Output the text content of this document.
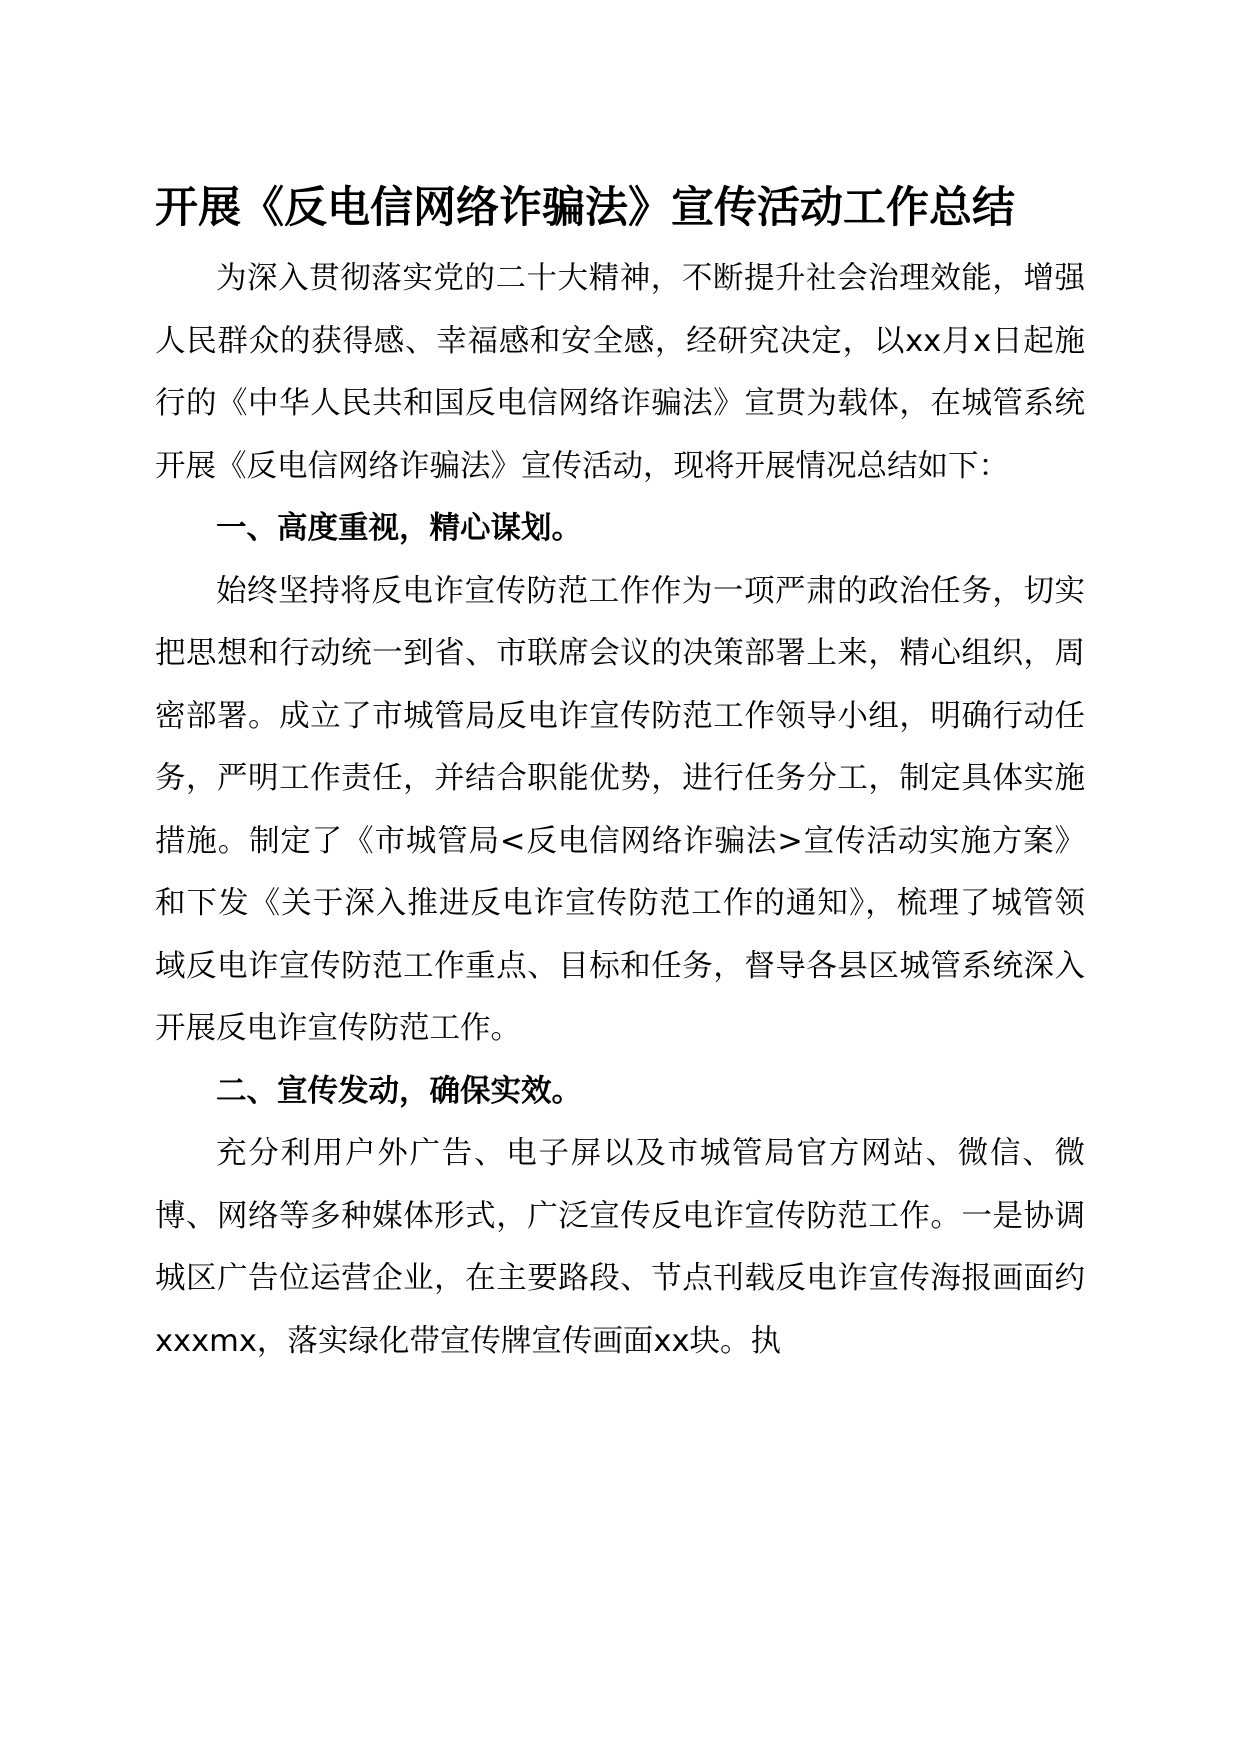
开展《反电信网络诈骗法》宣传活动工作总结

为深入贯彻落实党的二十大精神，不断提升社会治理效能，增强人民群众的获得感、幸福感和安全感，经研究决定，以xx月x日起施行的《中华人民共和国反电信网络诈骗法》宣贯为载体，在城管系统开展《反电信网络诈骗法》宣传活动，现将开展情况总结如下：

一、高度重视，精心谋划。

始终坚持将反电诈宣传防范工作作为一项严肃的政治任务，切实把思想和行动统一到省、市联席会议的决策部署上来，精心组织，周密部署。成立了市城管局反电诈宣传防范工作领导小组，明确行动任务，严明工作责任，并结合职能优势，进行任务分工，制定具体实施措施。制定了《市城管局<反电信网络诈骗法>宣传活动实施方案》和下发《关于深入推进反电诈宣传防范工作的通知》，梳理了城管领域反电诈宣传防范工作重点、目标和任务，督导各县区城管系统深入开展反电诈宣传防范工作。

二、宣传发动，确保实效。

充分利用户外广告、电子屏以及市城管局官方网站、微信、微博、网络等多种媒体形式，广泛宣传反电诈宣传防范工作。一是协调城区广告位运营企业，在主要路段、节点刊载反电诈宣传海报画面约xxxmx，落实绿化带宣传牌宣传画面xx块。执
